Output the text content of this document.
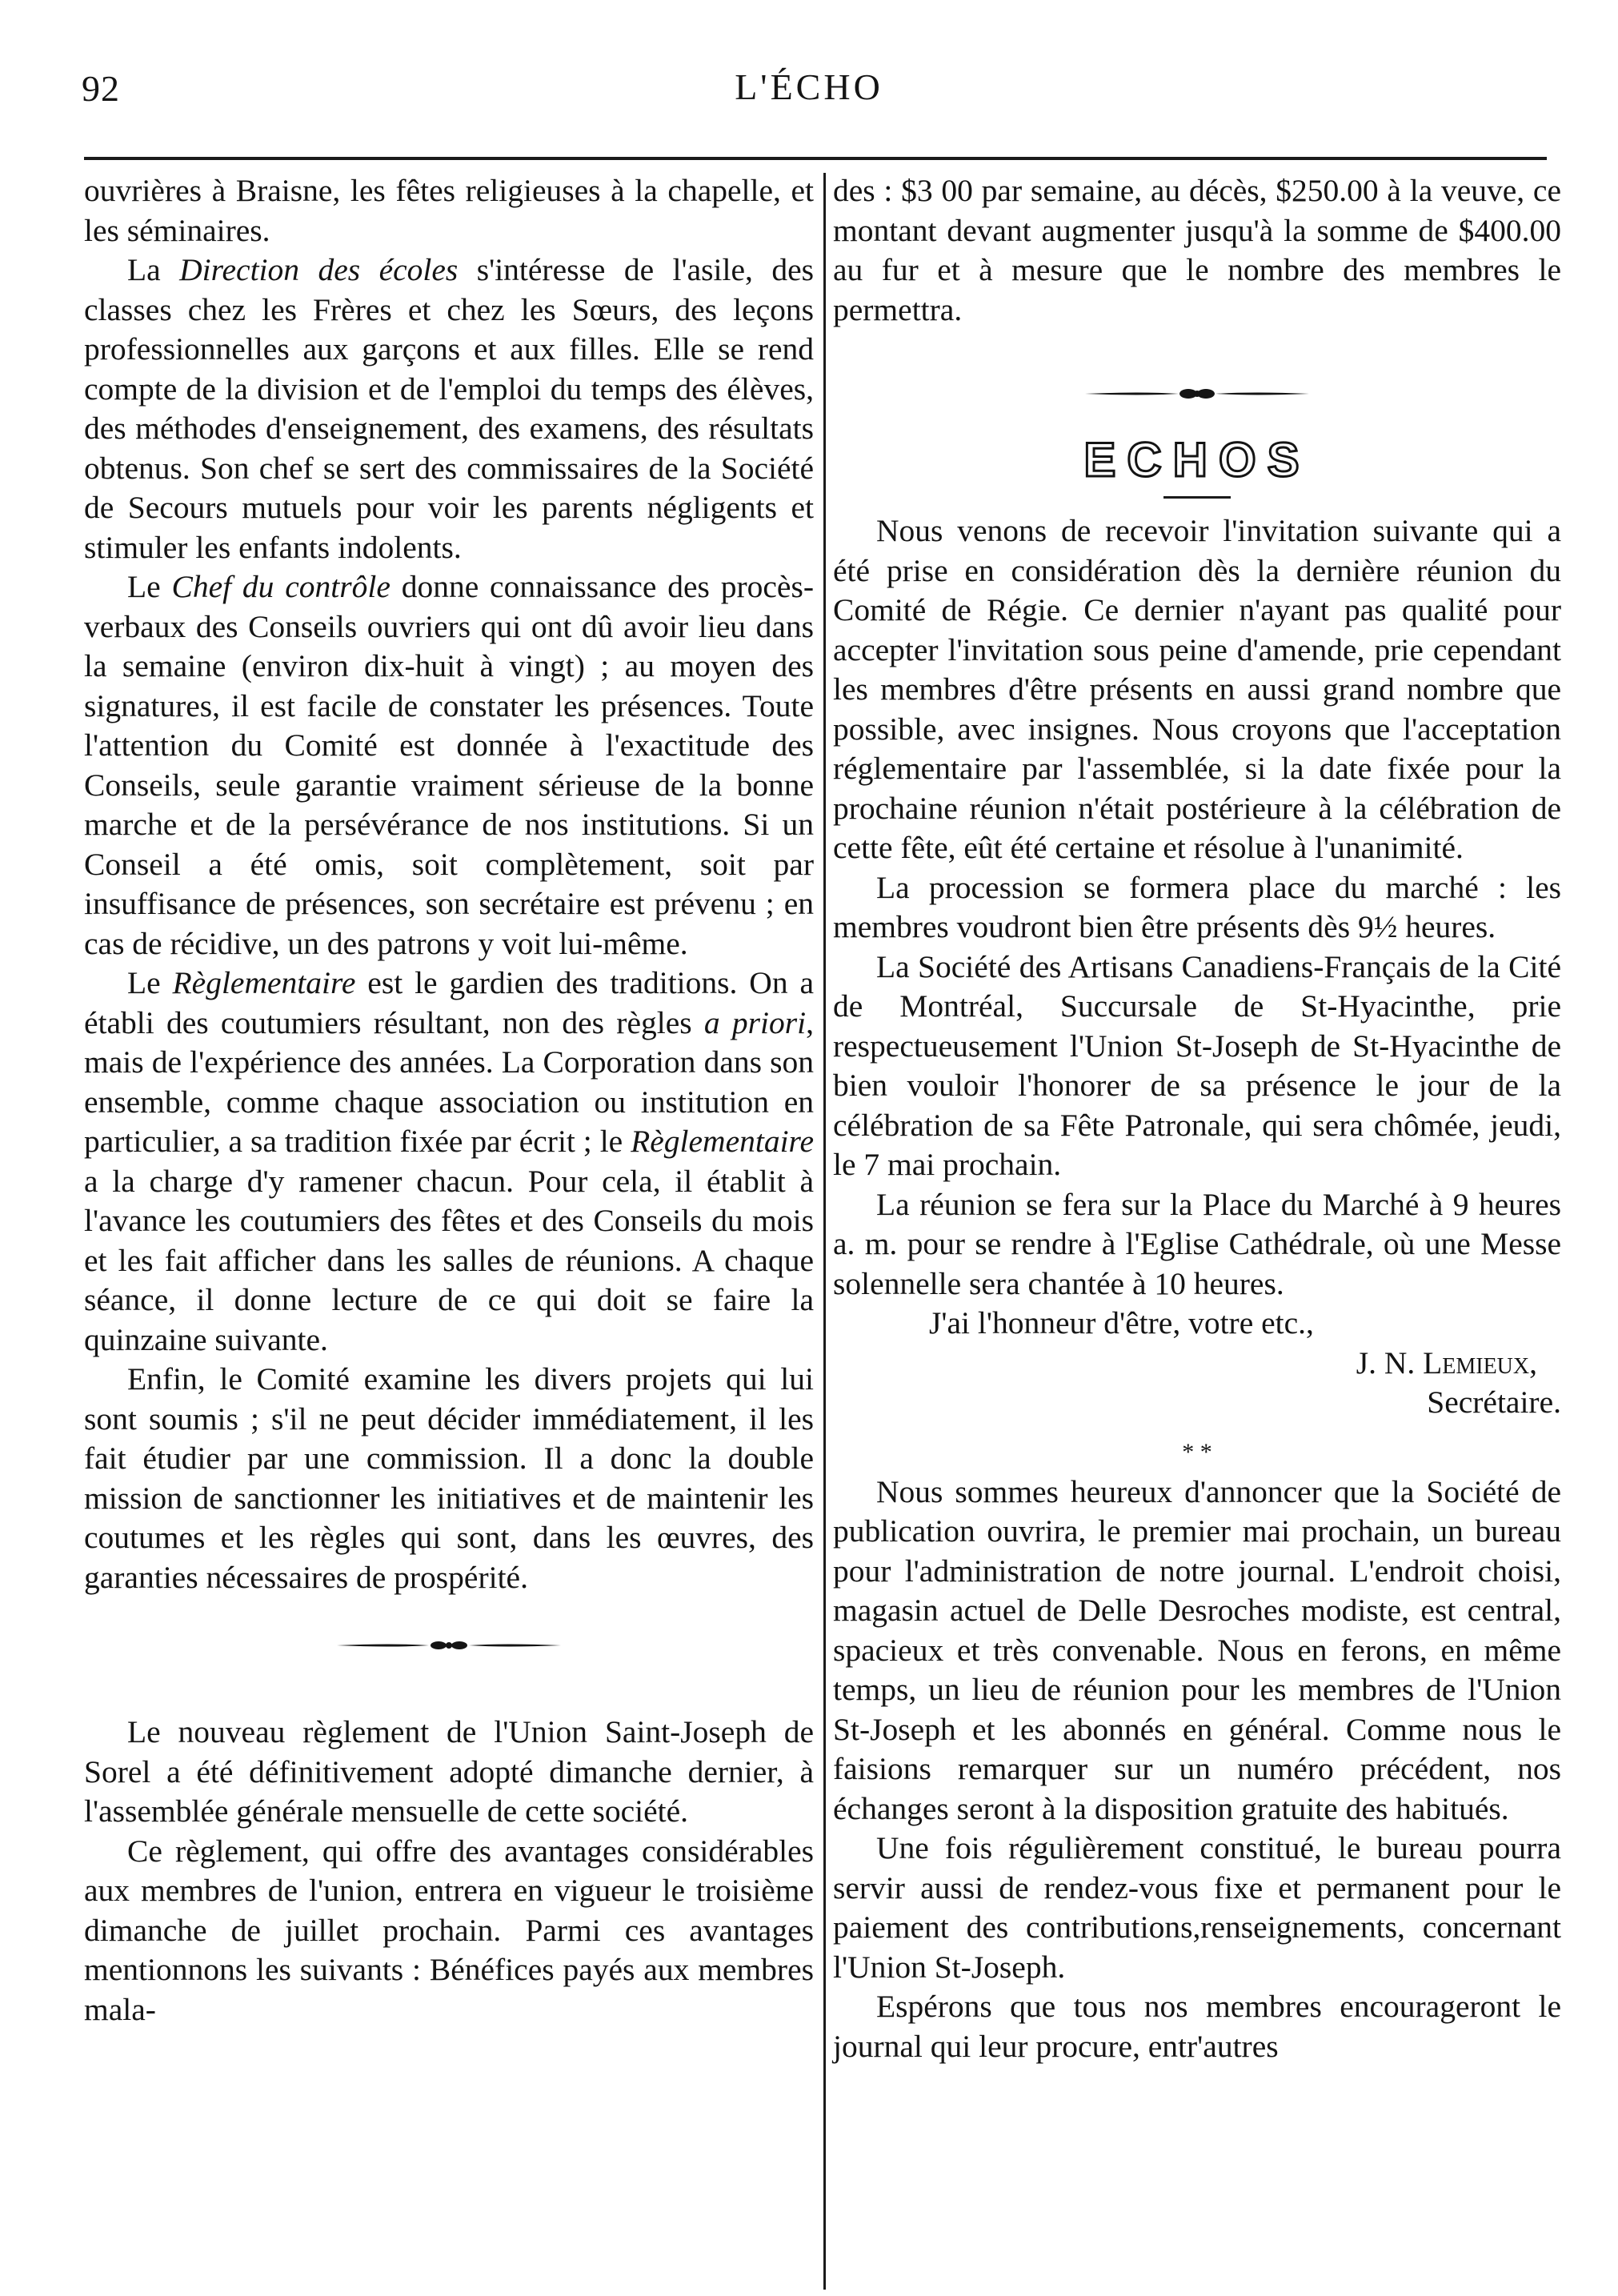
92	L'ÉCHO

ouvrières à Braisne, les fêtes religieuses à la chapelle, et les séminaires.

La Direction des écoles s'intéresse de l'asile, des classes chez les Frères et chez les Sœurs, des leçons professionnelles aux garçons et aux filles. Elle se rend compte de la division et de l'emploi du temps des élèves, des méthodes d'enseignement, des examens, des résultats obtenus. Son chef se sert des commissaires de la Société de Secours mutuels pour voir les parents négligents et stimuler les enfants indolents.

Le Chef du contrôle donne connaissance des procès-verbaux des Conseils ouvriers qui ont dû avoir lieu dans la semaine (environ dix-huit à vingt) ; au moyen des signatures, il est facile de constater les présences. Toute l'attention du Comité est donnée à l'exactitude des Conseils, seule garantie vraiment sérieuse de la bonne marche et de la persévérance de nos institutions. Si un Conseil a été omis, soit complètement, soit par insuffisance de présences, son secrétaire est prévenu ; en cas de récidive, un des patrons y voit lui-même.

Le Règlementaire est le gardien des traditions. On a établi des coutumiers résultant, non des règles a priori, mais de l'expérience des années. La Corporation dans son ensemble, comme chaque association ou institution en particulier, a sa tradition fixée par écrit ; le Règlementaire a la charge d'y ramener chacun. Pour cela, il établit à l'avance les coutumiers des fêtes et des Conseils du mois et les fait afficher dans les salles de réunions. A chaque séance, il donne lecture de ce qui doit se faire la quinzaine suivante.

Enfin, le Comité examine les divers projets qui lui sont soumis ; s'il ne peut décider immédiatement, il les fait étudier par une commission. Il a donc la double mission de sanctionner les initiatives et de maintenir les coutumes et les règles qui sont, dans les œuvres, des garanties nécessaires de prospérité.

Le nouveau règlement de l'Union Saint-Joseph de Sorel a été définitivement adopté dimanche dernier, à l'assemblée générale mensuelle de cette société.

Ce règlement, qui offre des avantages considérables aux membres de l'union, entrera en vigueur le troisième dimanche de juillet prochain. Parmi ces avantages mentionnons les suivants : Bénéfices payés aux membres mala-

des : $3 00 par semaine, au décès, $250.00 à la veuve, ce montant devant augmenter jusqu'à la somme de $400.00 au fur et à mesure que le nombre des membres le permettra.

ECHOS

Nous venons de recevoir l'invitation suivante qui a été prise en considération dès la dernière réunion du Comité de Régie. Ce dernier n'ayant pas qualité pour accepter l'invitation sous peine d'amende, prie cependant les membres d'être présents en aussi grand nombre que possible, avec insignes. Nous croyons que l'acceptation réglementaire par l'assemblée, si la date fixée pour la prochaine réunion n'était postérieure à la célébration de cette fête, eût été certaine et résolue à l'unanimité.

La procession se formera place du marché : les membres voudront bien être présents dès 9½ heures.

La Société des Artisans Canadiens-Français de la Cité de Montréal, Succursale de St-Hyacinthe, prie respectueusement l'Union St-Joseph de St-Hyacinthe de bien vouloir l'honorer de sa présence le jour de la célébration de sa Fête Patronale, qui sera chômée, jeudi, le 7 mai prochain.

La réunion se fera sur la Place du Marché à 9 heures a. m. pour se rendre à l'Eglise Cathédrale, où une Messe solennelle sera chantée à 10 heures.

J'ai l'honneur d'être, votre etc.,

J. N. Lemieux,

Secrétaire.

* *

Nous sommes heureux d'annoncer que la Société de publication ouvrira, le premier mai prochain, un bureau pour l'administration de notre journal. L'endroit choisi, magasin actuel de Delle Desroches modiste, est central, spacieux et très convenable. Nous en ferons, en même temps, un lieu de réunion pour les membres de l'Union St-Joseph et les abonnés en général. Comme nous le faisions remarquer sur un numéro précédent, nos échanges seront à la disposition gratuite des habitués.

Une fois régulièrement constitué, le bureau pourra servir aussi de rendez-vous fixe et permanent pour le paiement des contributions,renseignements, concernant l'Union St-Joseph.

Espérons que tous nos membres encourageront le journal qui leur procure, entr'autres
